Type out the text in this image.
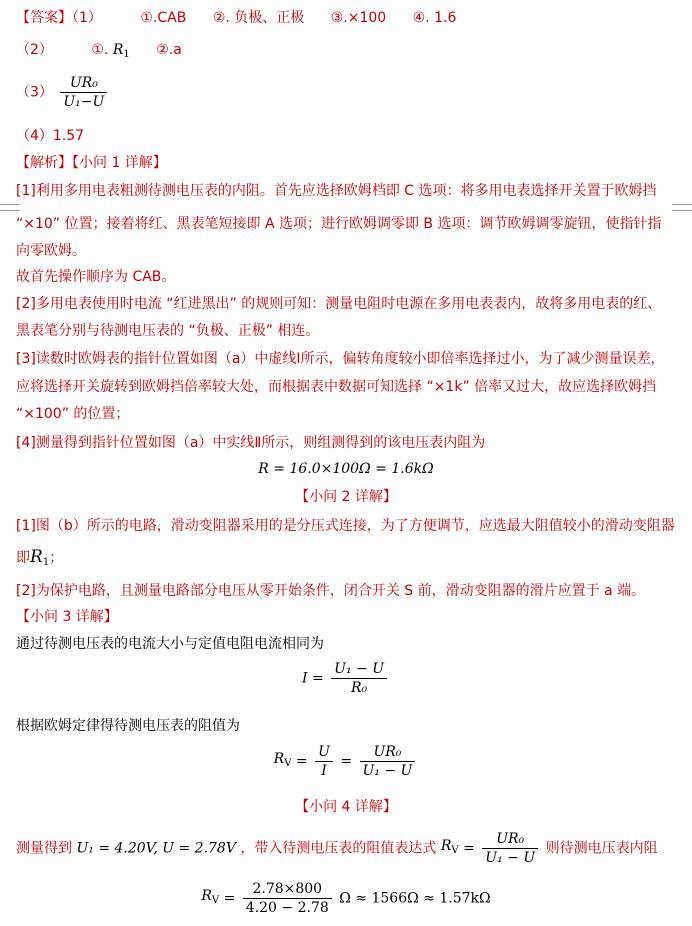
【答案】（1）	①.CAB ②. 负极、正极 ③.×100 ④. 1.6
（2）	①. $R_1$ ②.a
$(3) \frac{\text{UR₀}}{\text{U₁−U}}$
（4）1.57
【解析】【小问 1 详解】
[1]利用多用电表粗测待测电压表的内阻。首先应选择欧姆档即 C 选项：将多用电表选择开关置于欧姆挡
“×10” 位置；接着将红、黑表笔短接即 A 选项；进行欧姆调零即 B 选项：调节欧姆调零旋钮，使指针指
向零欧姆。
故首先操作顺序为 CAB。
[2]多用电表使用时电流 “红进黑出” 的规则可知：测量电阻时电源在多用电表表内，故将多用电表的红、
黑表笔分别与待测电压表的 “负极、正极” 相连。
[3]读数时欧姆表的指针位置如图（a）中虚线Ⅰ所示，偏转角度较小即倍率选择过小，为了减少测量误差，
应将选择开关旋转到欧姆挡倍率较大处，而根据表中数据可知选择 “×1k” 倍率又过大，故应选择欧姆挡
“×100” 的位置；
[4]测量得到指针位置如图（a）中实线Ⅱ所示，则组测得到的该电压表内阻为
R = 16.0×100Ω = 1.6kΩ
【小问 2 详解】
[1]图（b）所示的电路，滑动变阻器采用的是分压式连接，为了方便调节，应选最大阻值较小的滑动变阻器
即$R_1$；
[2]为保护电路，且测量电路部分电压从零开始条件，闭合开关 S 前，滑动变阻器的滑片应置于 a 端。
【小问 3 详解】
通过待测电压表的电流大小与定值电阻电流相同为
$I = \frac{\text{U₁ − U}}{\text{R₀}}$
根据欧姆定律得待测电压表的阻值为
$R_V = \frac{U}{I} = \frac{\text{UR₀}}{\text{U₁ − U}}$
【小问 4 详解】
测量得到 U₁ = 4.20V, U = 2.78V ，带入待测电压表的阻值表达式 $R_V = \frac{\text{UR₀}}{\text{U₁ − U}}$ 则待测电压表内阻
$R_V = \frac{2.78\times 800}{4.20 - 2.78}$ Ω ≈ 1566Ω ≈ 1.57kΩ
